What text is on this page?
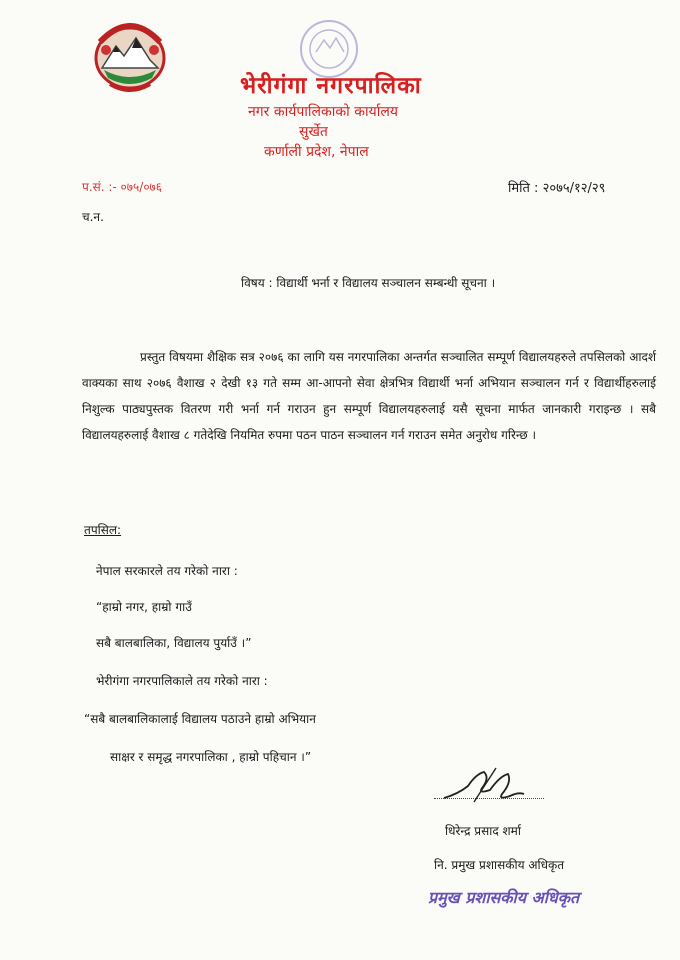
भेरीगंगा नगरपालिका
नगर कार्यपालिकाको कार्यालय
सुर्खेत
कर्णाली प्रदेश, नेपाल
प.सं. :- ०७५/०७६	मिति : २०७५/१२/२९
च.न.
विषय : विद्यार्थी भर्ना र विद्यालय सञ्चालन सम्बन्धी सूचना ।
प्रस्तुत विषयमा शैक्षिक सत्र २०७६ का लागि यस नगरपालिका अन्तर्गत सञ्चालित सम्पूर्ण विद्यालयहरुले तपसिलको आदर्श वाक्यका साथ २०७६ वैशाख २ देखी १३ गते सम्म आ-आपनो सेवा क्षेत्रभित्र विद्यार्थी भर्ना अभियान सञ्चालन गर्न र विद्यार्थीहरुलाई निशुल्क पाठ्यपुस्तक वितरण गरी भर्ना गर्न गराउन हुन सम्पूर्ण विद्यालयहरुलाई यसै सूचना मार्फत जानकारी गराइन्छ । सबै विद्यालयहरुलाई वैशाख ८ गतेदेखि नियमित रुपमा पठन पाठन सञ्चालन गर्न गराउन समेत अनुरोध गरिन्छ ।
तपसिल:
नेपाल सरकारले तय गरेको नारा :
“हाम्रो नगर, हाम्रो गाउँ
सबै बालबालिका, विद्यालय पुर्याउँ ।”
भेरीगंगा नगरपालिकाले तय गरेको नारा :
“सबै बालबालिकालाई विद्यालय पठाउने हाम्रो अभियान
साक्षर र समृद्ध नगरपालिका , हाम्रो पहिचान ।”
धिरेन्द्र प्रसाद शर्मा
नि. प्रमुख प्रशासकीय अधिकृत
प्रमुख प्रशासकीय अधिकृत
